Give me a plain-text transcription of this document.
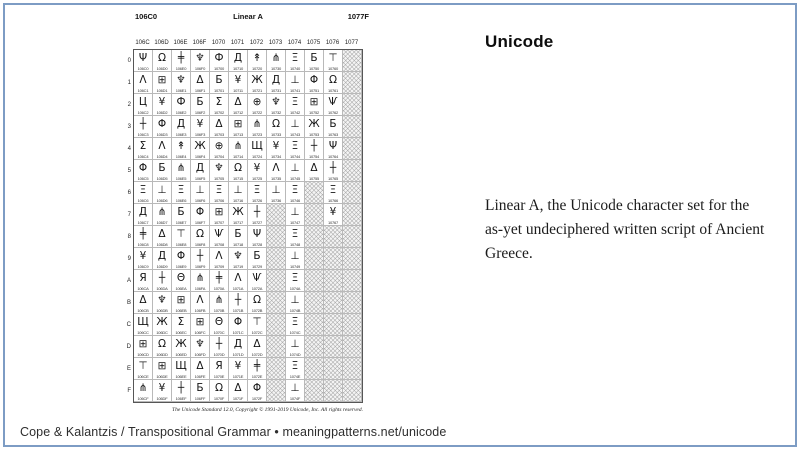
106C0	Linear A	1077F
106C 106D 106E 106F 1070 1071 1072 1073 1074 1075 1076 1077
0
1
2
3
4
5
6
7
8
9
A
B
C
D
E
F
Ψ
106C0
Ω
106D0
╪
106E0
♆
106F0
Ф
10700
Д
10710
↟
10720
⋔
10730
Ξ
10740
Б
10750
⊤
10760
Λ
106C1
⊞
106D1
♆
106E1
Δ
106F1
Б
10701
¥
10711
Ж
10721
Д
10731
⊥
10741
Φ
10751
Ω
10761
Ц
106C2
¥
106D2
Ф
106E2
Б
106F2
Σ
10702
Δ
10712
⊕
10722
♆
10732
Ξ
10742
⊞
10752
Ѱ
10762
┼
106C3
Φ
106D3
Д
106E3
¥
106F3
Δ
10703
⊞
10713
⋔
10723
Ω
10733
⊥
10743
Ж
10753
Б
10763
Σ
106C4
Λ
106D4
↟
106E4
Ж
106F4
⊕
10704
⋔
10714
Щ
10724
¥
10734
Ξ
10744
┼
10754
Ψ
10764
Φ
106C5
Б
106D5
⋔
106E5
Д
106F5
♆
10705
Ω
10715
¥
10725
Λ
10735
⊥
10745
Δ
10755
┼
10765
Ξ
106C6
⊥
106D6
Ξ
106E6
⊥
106F6
Ξ
10706
⊥
10716
Ξ
10726
⊥
10736
Ξ
10746
Ξ
10766
Д
106C7
⋔
106D7
Б
106E7
Φ
106F7
⊞
10707
Ж
10717
┼
10727
⊥
10747
¥
10767
╪
106C8
Δ
106D8
⊤
106E8
Ω
106F8
Ѱ
10708
Б
10718
Ψ
10728
Ξ
10748
¥
106C9
Д
106D9
Φ
106E9
┼
106F9
Λ
10709
♆
10719
Б
10729
⊥
10749
Я
106CA
┼
106DA
Θ
106EA
⋔
106FA
╪
1070A
Λ
1071A
Ѱ
1072A
Ξ
1074A
Δ
106CB
♆
106DB
⊞
106EB
Λ
106FB
⋔
1070B
┼
1071B
Ω
1072B
⊥
1074B
Щ
106CC
Ж
106DC
Σ
106EC
⊞
106FC
Θ
1070C
Φ
1071C
⊤
1072C
Ξ
1074C
⊞
106CD
Ω
106DD
Ж
106ED
♆
106FD
┼
1070D
Д
1071D
Δ
1072D
⊥
1074D
⊤
106CE
⊞
106DE
Щ
106EE
Δ
106FE
Я
1070E
¥
1071E
╪
1072E
Ξ
1074E
⋔
106CF
¥
106DF
┼
106EF
Б
106FF
Ω
1070F
Δ
1071F
Φ
1072F
⊥
1074F
The Unicode Standard 12.0, Copyright © 1991-2019 Unicode, Inc. All rights reserved.
Unicode

Linear A, the Unicode character set for the as-yet undeciphered written script of Ancient Greece.

Cope & Kalantzis / Transpositional Grammar • meaningpatterns.net/unicode
